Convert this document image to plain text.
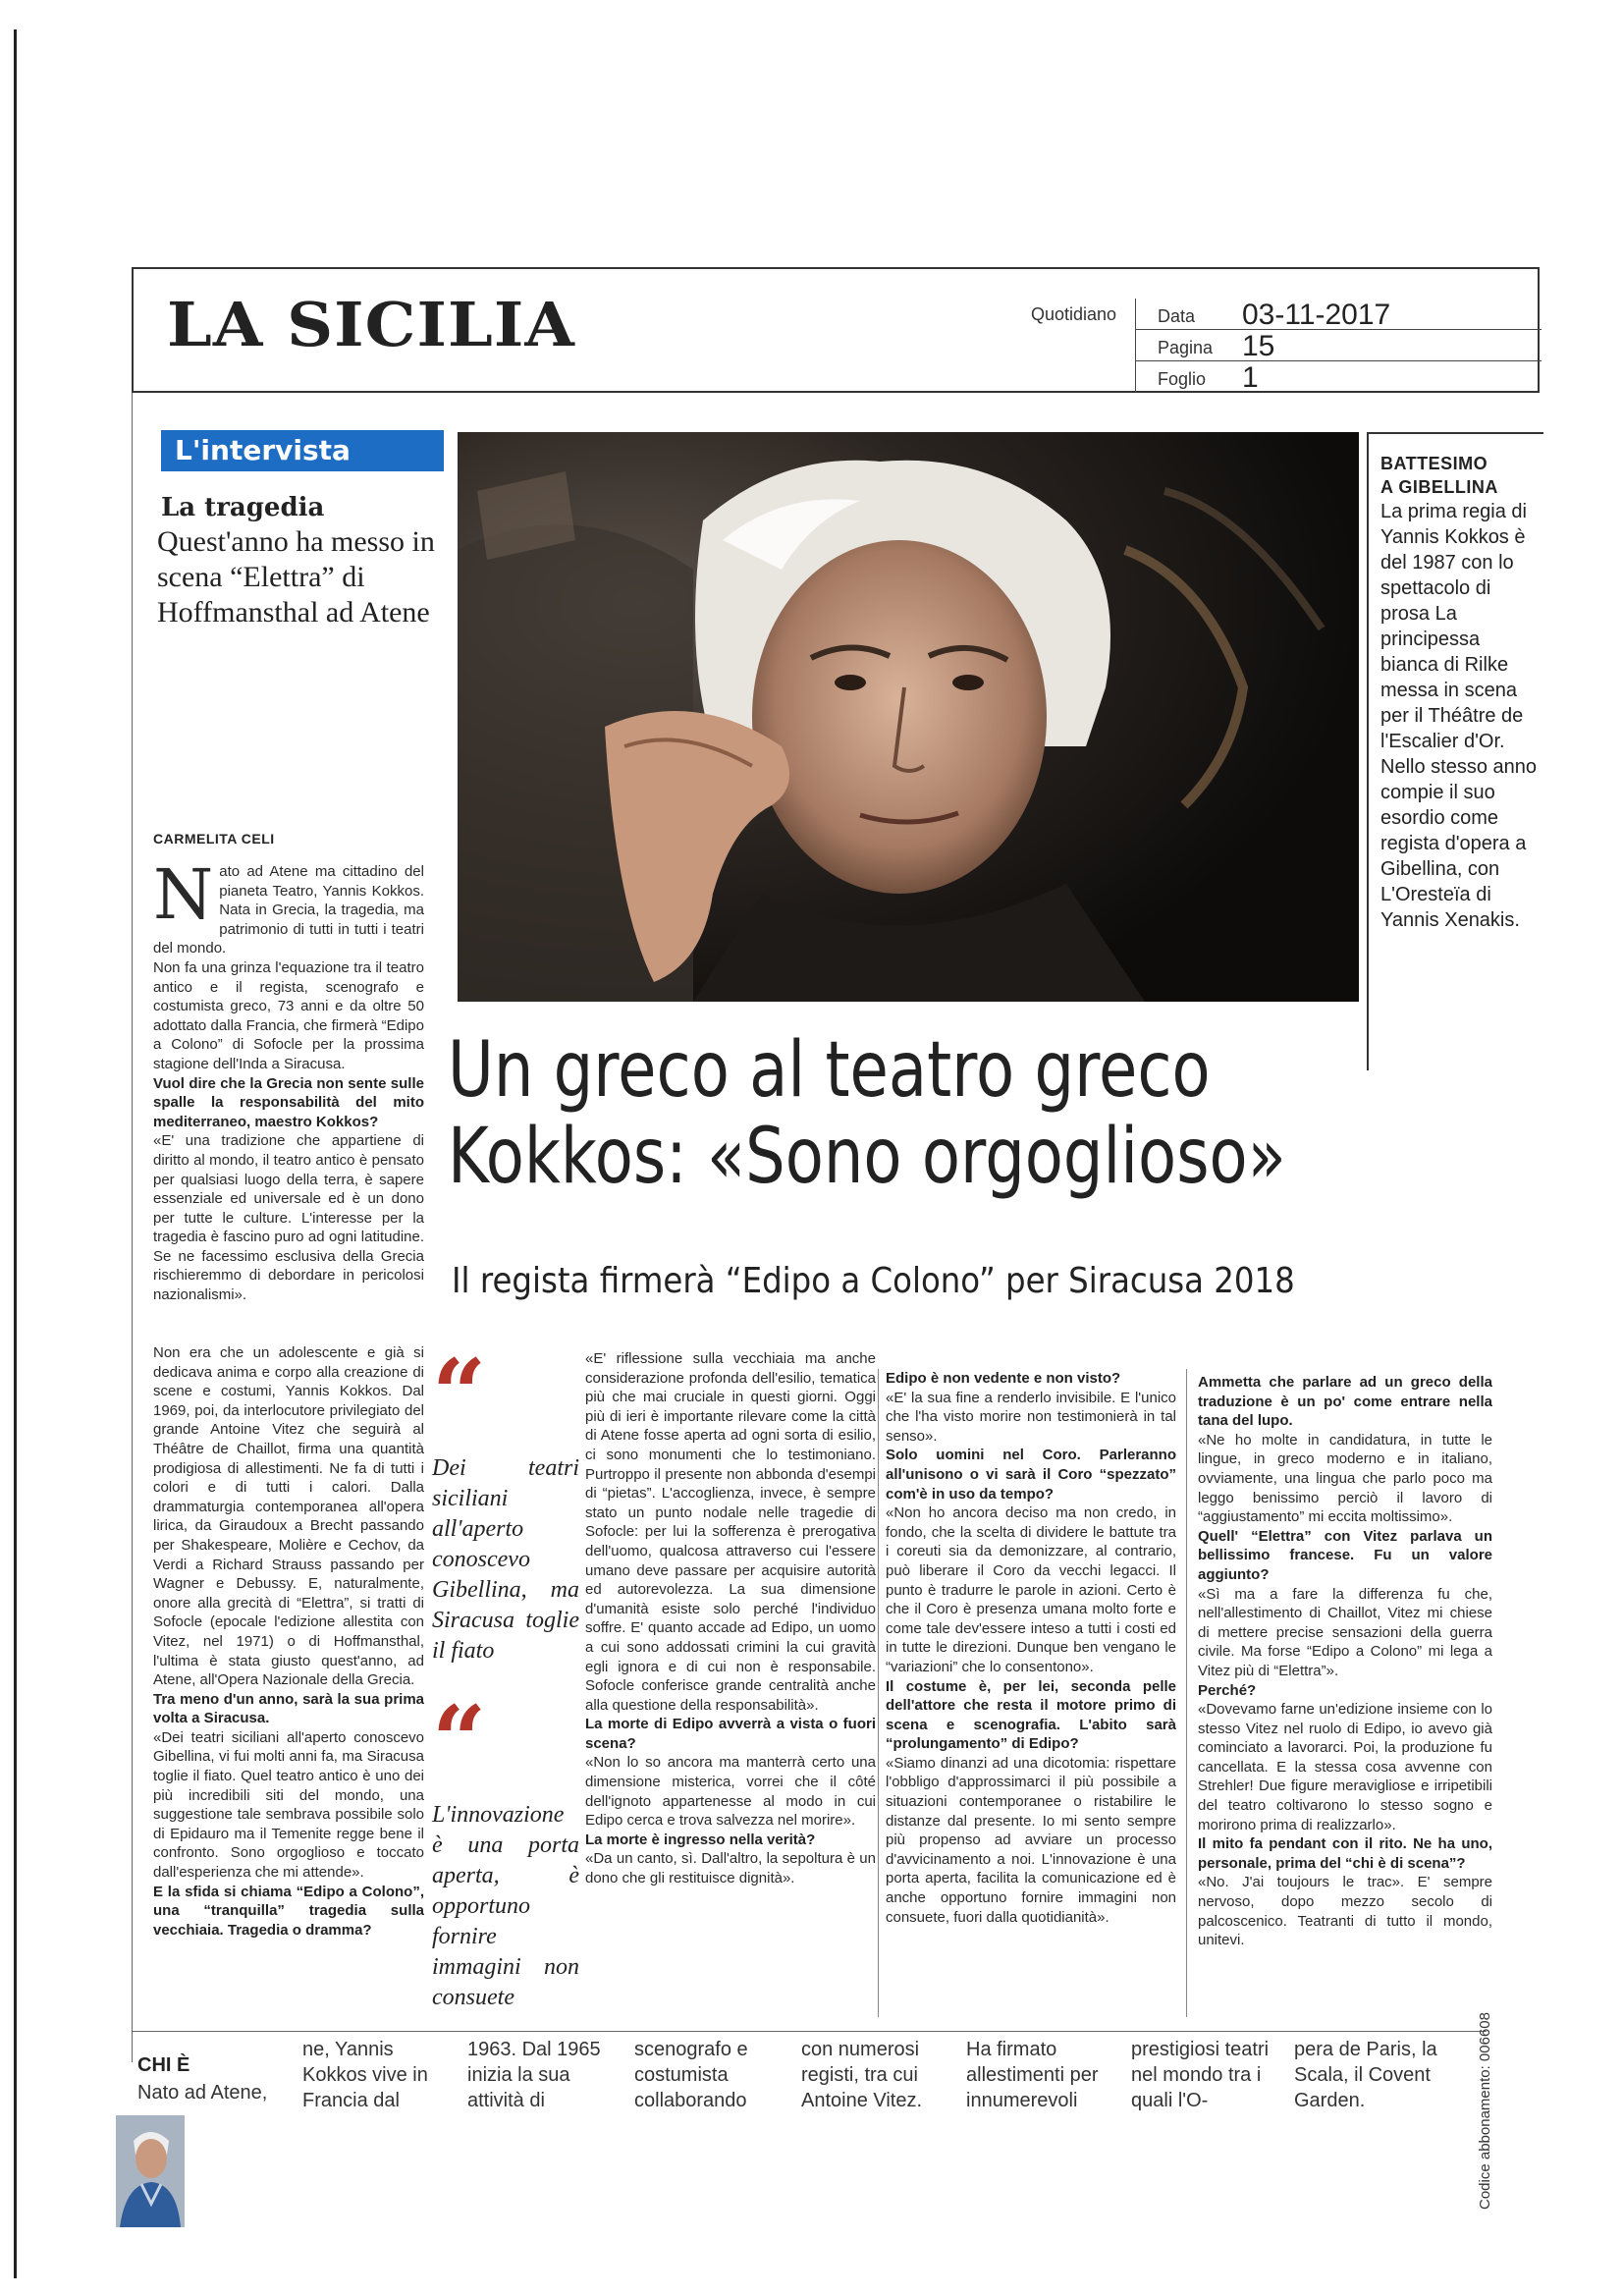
LA SICILIA	Quotidiano Data 03-11-2017
Pagina 15
Foglio 1
L'intervista
La tragedia
Quest'anno ha messo in scena “Elettra” di Hoffmansthal ad Atene
BATTESIMO
A GIBELLINA
La prima regia di Yannis Kokkos è del 1987 con lo spettacolo di prosa La principessa bianca di Rilke messa in scena per il Théâtre de l'Escalier d'Or. Nello stesso anno compie il suo esordio come regista d'opera a Gibellina, con L'Oresteïa di Yannis Xenakis.
Un greco al teatro greco
Kokkos: «Sono orgoglioso»
Il regista firmerà “Edipo a Colono” per Siracusa 2018
CARMELITA CELI

Nato ad Atene ma cittadino del pianeta Teatro, Yannis Kokkos. Nata in Grecia, la tragedia, ma patrimonio di tutti in tutti i teatri del mondo.

Non fa una grinza l'equazione tra il teatro antico e il regista, scenografo e costumista greco, 73 anni e da oltre 50 adottato dalla Francia, che firmerà “Edipo a Colono” di Sofocle per la prossima stagione dell'Inda a Siracusa.

Vuol dire che la Grecia non sente sulle spalle la responsabilità del mito mediterraneo, maestro Kokkos?

«E' una tradizione che appartiene di diritto al mondo, il teatro antico è pensato per qualsiasi luogo della terra, è sapere essenziale ed universale ed è un dono per tutte le culture. L'interesse per la tragedia è fascino puro ad ogni latitudine. Se ne facessimo esclusiva della Grecia rischieremmo di debordare in pericolosi nazionalismi».

Non era che un adolescente e già si dedicava anima e corpo alla creazione di scene e costumi, Yannis Kokkos. Dal 1969, poi, da interlocutore privilegiato del grande Antoine Vitez che seguirà al Théâtre de Chaillot, firma una quantità prodigiosa di allestimenti. Ne fa di tutti i colori e di tutti i calori. Dalla drammaturgia contemporanea all'opera lirica, da Giraudoux a Brecht passando per Shakespeare, Molière e Cechov, da Verdi a Richard Strauss passando per Wagner e Debussy. E, naturalmente, onore alla grecità di “Elettra”, si tratti di Sofocle (epocale l'edizione allestita con Vitez, nel 1971) o di Hoffmansthal, l'ultima è stata giusto quest'anno, ad Atene, all'Opera Nazionale della Grecia.

Tra meno d'un anno, sarà la sua prima volta a Siracusa.

«Dei teatri siciliani all'aperto conoscevo Gibellina, vi fui molti anni fa, ma Siracusa toglie il fiato. Quel teatro antico è uno dei più incredibili siti del mondo, una suggestione tale sembrava possibile solo di Epidauro ma il Temenite regge bene il confronto. Sono orgoglioso e toccato dall'esperienza che mi attende».

E la sfida si chiama “Edipo a Colono”, una “tranquilla” tragedia sulla vecchiaia. Tragedia o dramma?

“
Dei teatri siciliani all'aperto conoscevo Gibellina, ma Siracusa toglie il fiato
“
L'innovazione è una porta aperta, è opportuno fornire immagini non consuete

«E' riflessione sulla vecchiaia ma anche considerazione profonda dell'esilio, tematica più che mai cruciale in questi giorni. Oggi più di ieri è importante rilevare come la città di Atene fosse aperta ad ogni sorta di esilio, ci sono monumenti che lo testimoniano. Purtroppo il presente non abbonda d'esempi di “pietas”. L'accoglienza, invece, è sempre stato un punto nodale nelle tragedie di Sofocle: per lui la sofferenza è prerogativa dell'uomo, qualcosa attraverso cui l'essere umano deve passare per acquisire autorità ed autorevolezza. La sua dimensione d'umanità esiste solo perché l'individuo soffre. E' quanto accade ad Edipo, un uomo a cui sono addossati crimini la cui gravità egli ignora e di cui non è responsabile. Sofocle conferisce grande centralità anche alla questione della responsabilità».

La morte di Edipo avverrà a vista o fuori scena?

«Non lo so ancora ma manterrà certo una dimensione misterica, vorrei che il côté dell'ignoto appartenesse al modo in cui Edipo cerca e trova salvezza nel morire».

La morte è ingresso nella verità?

«Da un canto, sì. Dall'altro, la sepoltura è un dono che gli restituisce dignità».

Edipo è non vedente e non visto?

«E' la sua fine a renderlo invisibile. E l'unico che l'ha visto morire non testimonierà in tal senso».

Solo uomini nel Coro. Parleranno all'unisono o vi sarà il Coro “spezzato” com'è in uso da tempo?

«Non ho ancora deciso ma non credo, in fondo, che la scelta di dividere le battute tra i coreuti sia da demonizzare, al contrario, può liberare il Coro da vecchi legacci. Il punto è tradurre le parole in azioni. Certo è che il Coro è presenza umana molto forte e come tale dev'essere inteso a tutti i costi ed in tutte le direzioni. Dunque ben vengano le “variazioni” che lo consentono».

Il costume è, per lei, seconda pelle dell'attore che resta il motore primo di scena e scenografia. L'abito sarà “prolungamento” di Edipo?

«Siamo dinanzi ad una dicotomia: rispettare l'obbligo d'approssimarci il più possibile a situazioni contemporanee o ristabilire le distanze dal presente. Io mi sento sempre più propenso ad avviare un processo d'avvicinamento a noi. L'innovazione è una porta aperta, facilita la comunicazione ed è anche opportuno fornire immagini non consuete, fuori dalla quotidianità».

Ammetta che parlare ad un greco della traduzione è un po' come entrare nella tana del lupo.

«Ne ho molte in candidatura, in tutte le lingue, in greco moderno e in italiano, ovviamente, una lingua che parlo poco ma leggo benissimo perciò il lavoro di “aggiustamento” mi eccita moltissimo».

Quell' “Elettra” con Vitez parlava un bellissimo francese. Fu un valore aggiunto?

«Sì ma a fare la differenza fu che, nell'allestimento di Chaillot, Vitez mi chiese di mettere precise sensazioni della guerra civile. Ma forse “Edipo a Colono” mi lega a Vitez più di “Elettra”».

Perché?

«Dovevamo farne un'edizione insieme con lo stesso Vitez nel ruolo di Edipo, io avevo già cominciato a lavorarci. Poi, la produzione fu cancellata. E la stessa cosa avvenne con Strehler! Due figure meravigliose e irripetibili del teatro coltivarono lo stesso sogno e morirono prima di realizzarlo».

Il mito fa pendant con il rito. Ne ha uno, personale, prima del “chi è di scena”?

«No. J'ai toujours le trac». E' sempre nervoso, dopo mezzo secolo di palcoscenico. Teatranti di tutto il mondo, unitevi.

CHI È
Nato ad Atene,
ne, Yannis Kokkos vive in Francia dal
1963. Dal 1965 inizia la sua attività di
scenografo e costumista collaborando
con numerosi registi, tra cui Antoine Vitez.
Ha firmato allestimenti per innumerevoli
prestigiosi teatri nel mondo tra i quali l'O-
pera de Paris, la Scala, il Covent Garden.	Codice abbonamento: 006608
